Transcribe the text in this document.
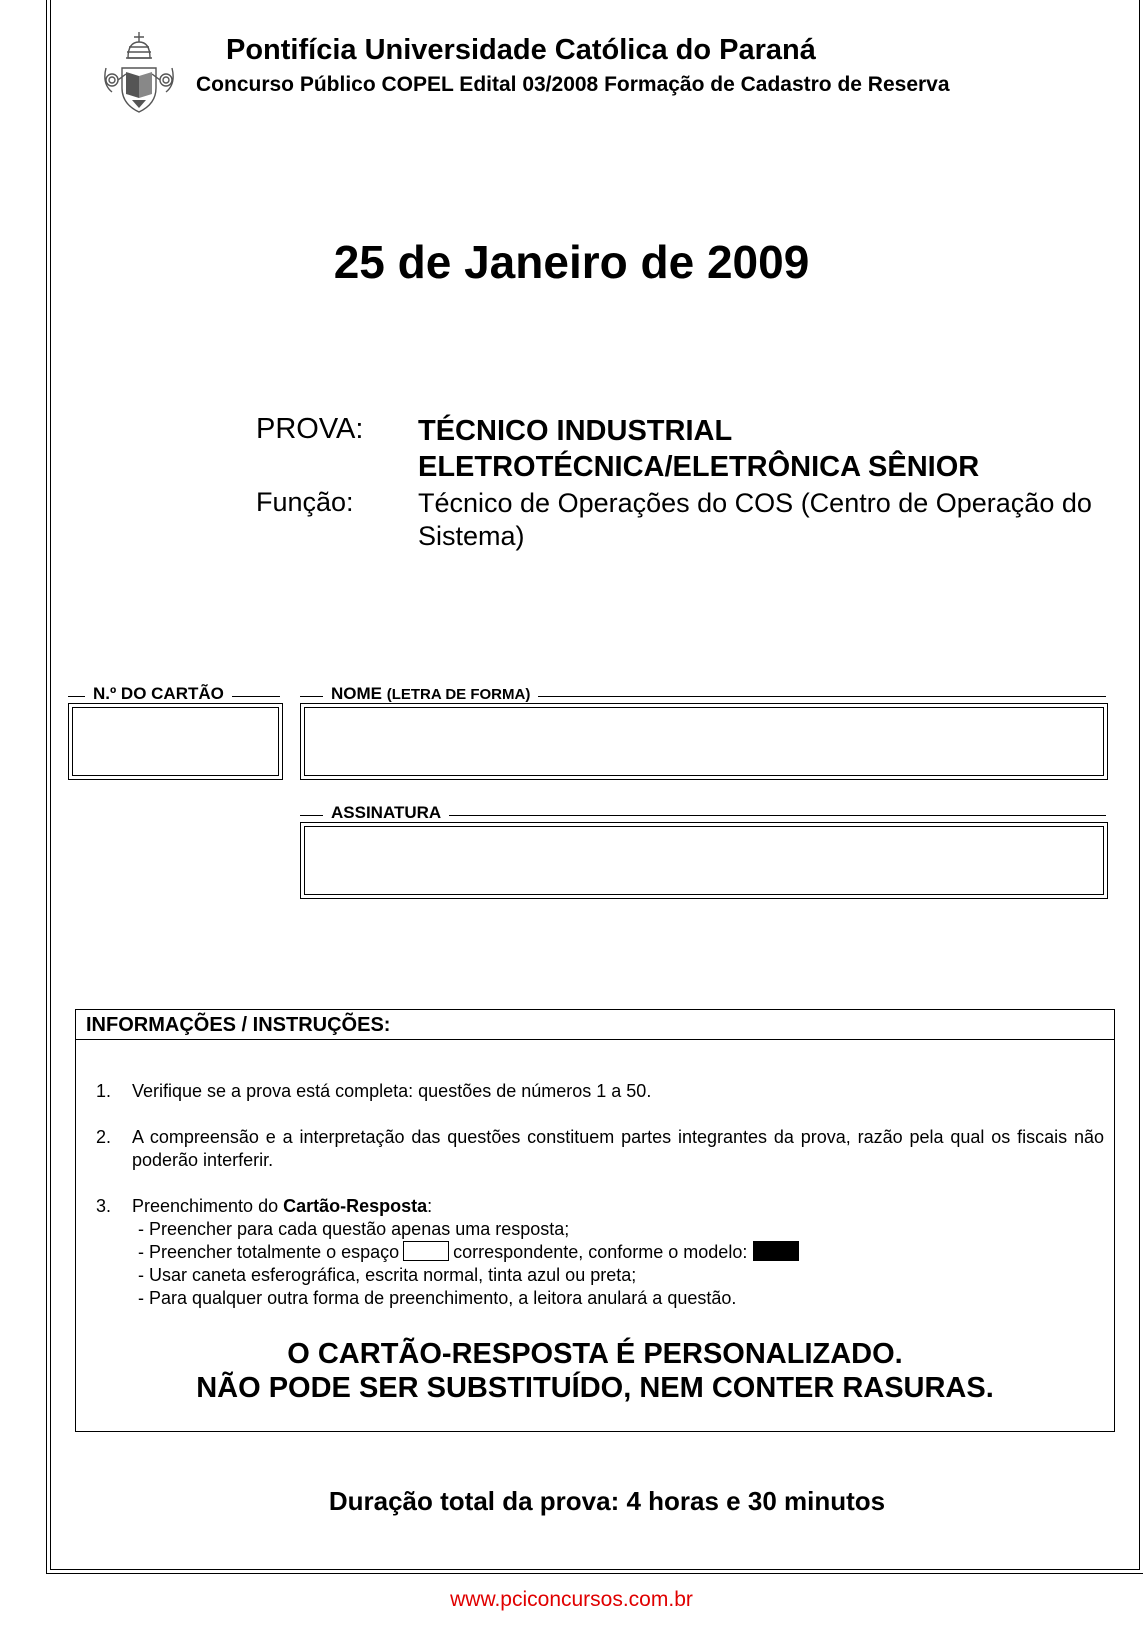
Pontifícia Universidade Católica do Paraná
Concurso Público COPEL Edital 03/2008 Formação de Cadastro de Reserva
25 de Janeiro de 2009
PROVA: TÉCNICO INDUSTRIAL
ELETROTÉCNICA/ELETRÔNICA SÊNIOR
Função: Técnico de Operações do COS (Centro de Operação do Sistema)
N.º DO CARTÃO	NOME (LETRA DE FORMA)
ASSINATURA
INFORMAÇÕES / INSTRUÇÕES:
1. Verifique se a prova está completa: questões de números 1 a 50.
2. A compreensão e a interpretação das questões constituem partes integrantes da prova, razão pela qual os fiscais não poderão interferir.
3. Preenchimento do Cartão-Resposta:
- Preencher para cada questão apenas uma resposta;
- Preencher totalmente o espaço	correspondente, conforme o modelo:
- Usar caneta esferográfica, escrita normal, tinta azul ou preta;
- Para qualquer outra forma de preenchimento, a leitora anulará a questão.
O CARTÃO-RESPOSTA É PERSONALIZADO.
NÃO PODE SER SUBSTITUÍDO, NEM CONTER RASURAS.
Duração total da prova: 4 horas e 30 minutos
www.pciconcursos.com.br
